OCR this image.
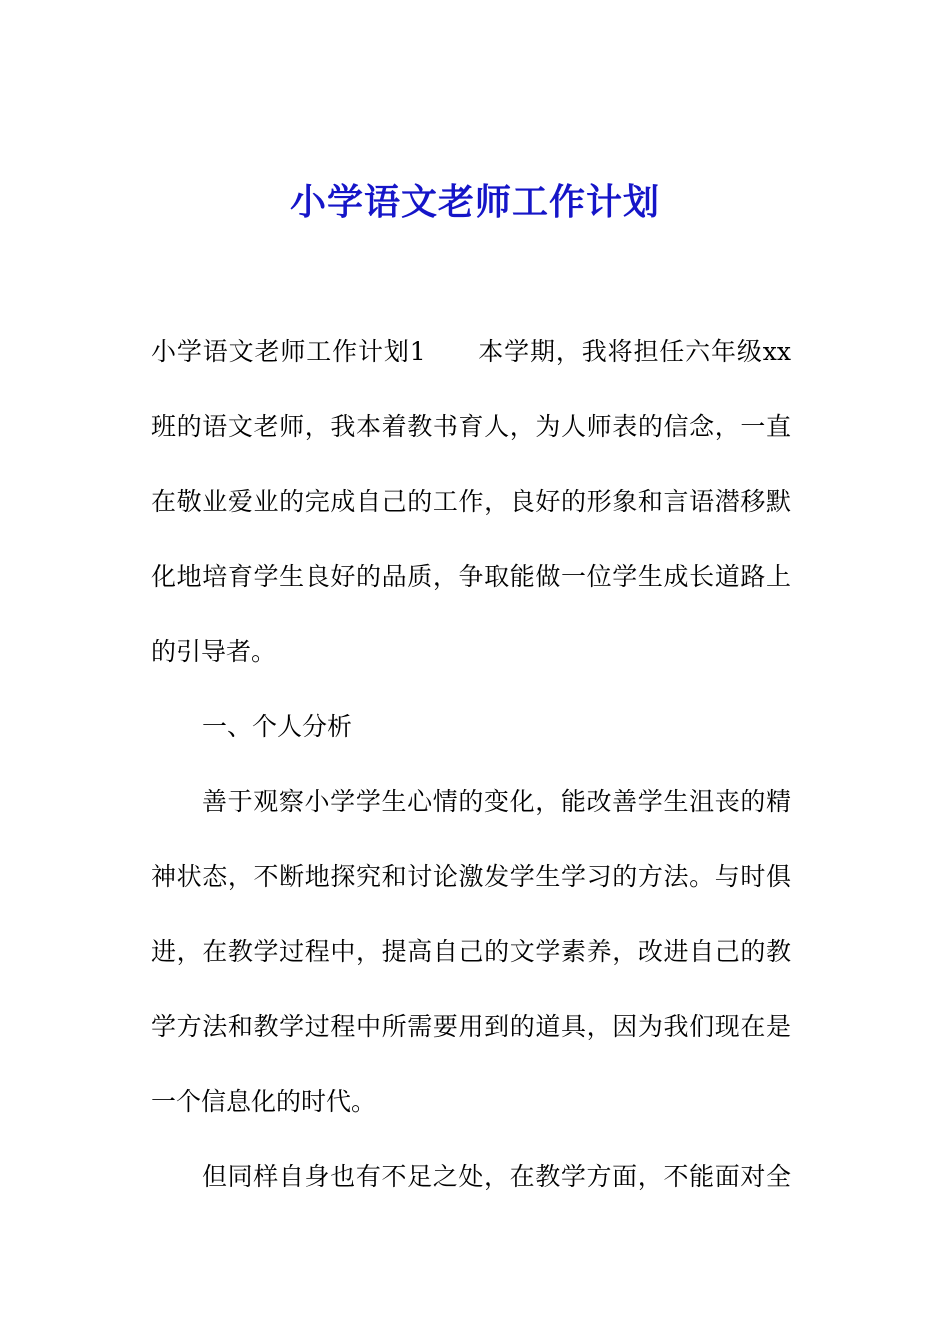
小学语文老师工作计划
小学语文老师工作计划1　　本学期，我将担任六年级xx
班的语文老师，我本着教书育人，为人师表的信念，一直
在敬业爱业的完成自己的工作，良好的形象和言语潜移默
化地培育学生良好的品质，争取能做一位学生成长道路上
的引导者。
一、个人分析
善于观察小学学生心情的变化，能改善学生沮丧的精
神状态，不断地探究和讨论激发学生学习的方法。与时俱
进，在教学过程中，提高自己的文学素养，改进自己的教
学方法和教学过程中所需要用到的道具，因为我们现在是
一个信息化的时代。
但同样自身也有不足之处，在教学方面，不能面对全
